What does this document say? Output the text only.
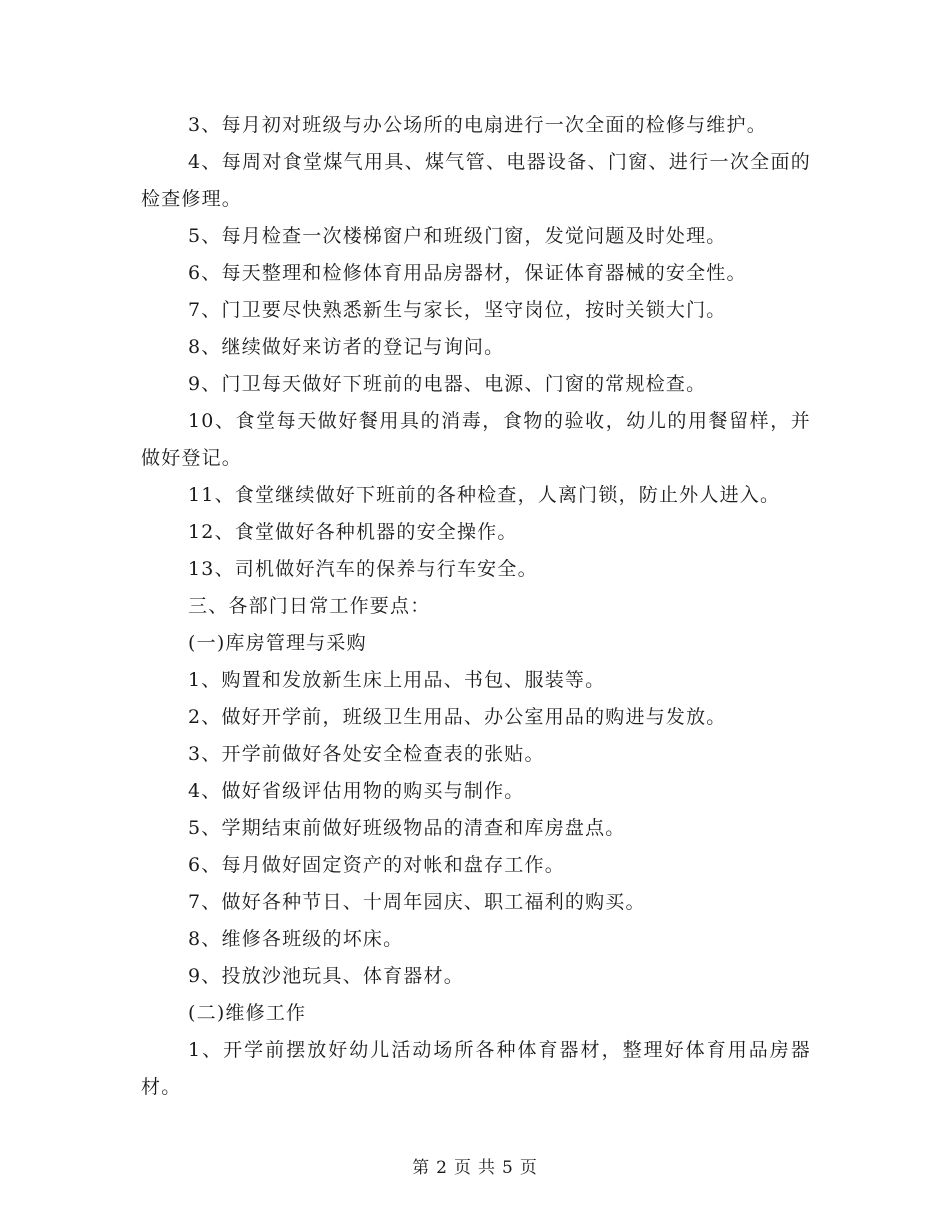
3、每月初对班级与办公场所的电扇进行一次全面的检修与维护。

4、每周对食堂煤气用具、煤气管、电器设备、门窗、进行一次全面的检查修理。

5、每月检查一次楼梯窗户和班级门窗，发觉问题及时处理。

6、每天整理和检修体育用品房器材，保证体育器械的安全性。

7、门卫要尽快熟悉新生与家长，坚守岗位，按时关锁大门。

8、继续做好来访者的登记与询问。

9、门卫每天做好下班前的电器、电源、门窗的常规检查。

10、食堂每天做好餐用具的消毒，食物的验收，幼儿的用餐留样，并做好登记。

11、食堂继续做好下班前的各种检查，人离门锁，防止外人进入。

12、食堂做好各种机器的安全操作。

13、司机做好汽车的保养与行车安全。

三、各部门日常工作要点：

(一)库房管理与采购

1、购置和发放新生床上用品、书包、服装等。

2、做好开学前，班级卫生用品、办公室用品的购进与发放。

3、开学前做好各处安全检查表的张贴。

4、做好省级评估用物的购买与制作。

5、学期结束前做好班级物品的清查和库房盘点。

6、每月做好固定资产的对帐和盘存工作。

7、做好各种节日、十周年园庆、职工福利的购买。

8、维修各班级的坏床。

9、投放沙池玩具、体育器材。

(二)维修工作

1、开学前摆放好幼儿活动场所各种体育器材，整理好体育用品房器材。

第 2 页 共 5 页
